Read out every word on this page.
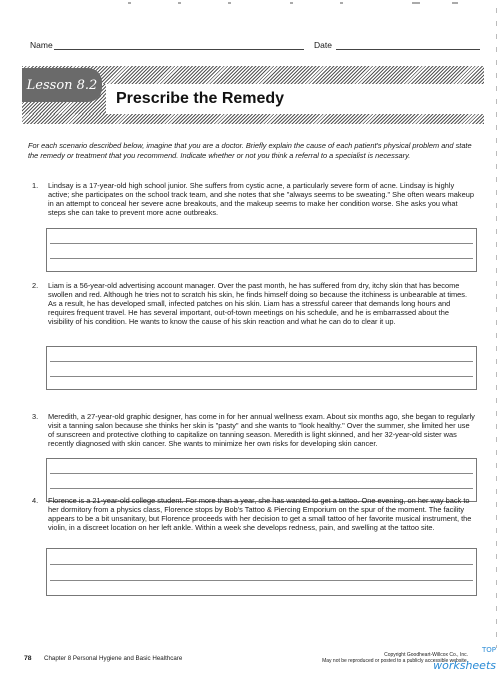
Name	Date
Lesson 8.2
Prescribe the Remedy
For each scenario described below, imagine that you are a doctor. Briefly explain the cause of each patient's physical problem and state the remedy or treatment that you recommend. Indicate whether or not you think a referral to a specialist is necessary.
1. Lindsay is a 17-year-old high school junior. She suffers from cystic acne, a particularly severe form of acne. Lindsay is highly active; she participates on the school track team, and she notes that she "always seems to be sweating." She often wears makeup in an attempt to conceal her severe acne breakouts, and the makeup seems to make her condition worse. She asks you what steps she can take to prevent more acne outbreaks.
2. Liam is a 56-year-old advertising account manager. Over the past month, he has suffered from dry, itchy skin that has become swollen and red. Although he tries not to scratch his skin, he finds himself doing so because the itchiness is unbearable at times. As a result, he has developed small, infected patches on his skin. Liam has a stressful career that demands long hours and requires frequent travel. He has several important, out-of-town meetings on his schedule, and he is embarrassed about the visibility of his condition. He wants to know the cause of his skin reaction and what he can do to clear it up.
3. Meredith, a 27-year-old graphic designer, has come in for her annual wellness exam. About six months ago, she began to regularly visit a tanning salon because she thinks her skin is "pasty" and she wants to "look healthy." Over the summer, she limited her use of sunscreen and protective clothing to capitalize on tanning season. Meredith is light skinned, and her 32-year-old sister was recently diagnosed with skin cancer. She wants to minimize her own risks for developing skin cancer.
4. Florence is a 21-year-old college student. For more than a year, she has wanted to get a tattoo. One evening, on her way back to her dormitory from a physics class, Florence stops by Bob's Tattoo & Piercing Emporium on the spur of the moment. The facility appears to be a bit unsanitary, but Florence proceeds with her decision to get a small tattoo of her favorite musical instrument, the violin, in a discreet location on her left ankle. Within a week she develops redness, pain, and swelling at the tattoo site.
78 Chapter 8 Personal Hygiene and Basic Healthcare	Copyright Goodheart-Willcox Co., Inc.
May not be reproduced or posted to a publicly accessible website.
TOP
worksheets
